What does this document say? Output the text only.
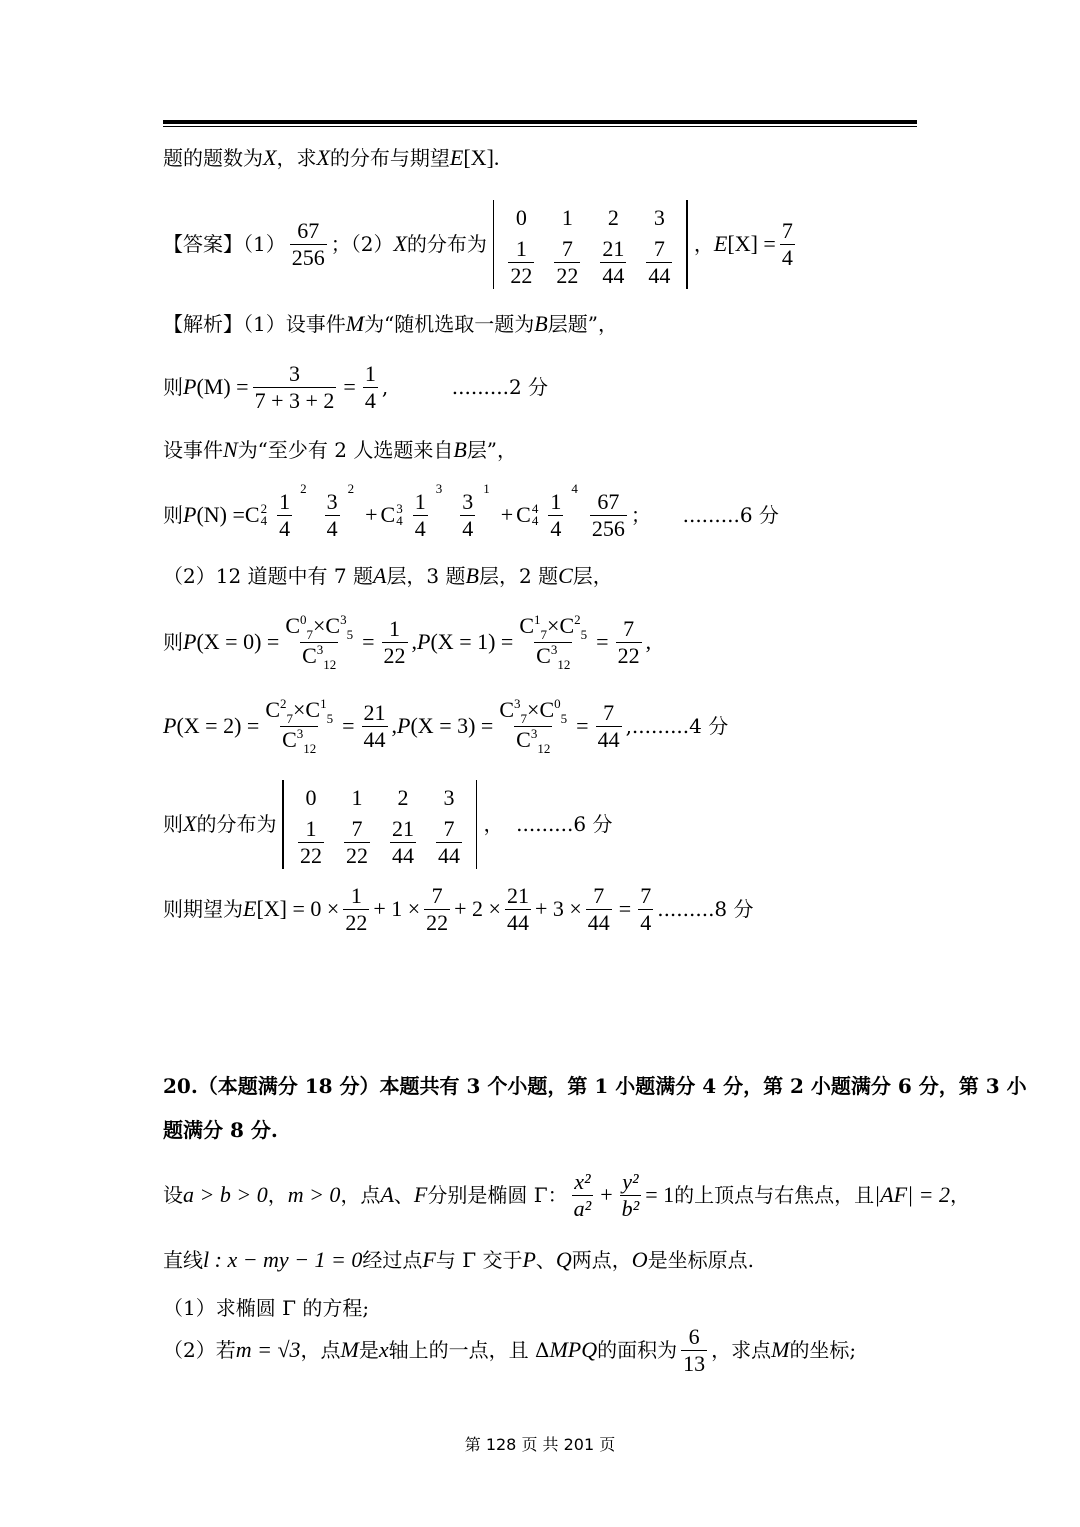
题的题数为 X ，求 X 的分布与期望 E [X].
【答案】$(1) \frac{67}{256}$ ；（2） X 的分布为
0	1	2	3
$\frac{1}{22} \frac{7}{22} \frac{21}{44} \frac{7}{44}$ ， E $[X] = \frac{7}{4}$
【解析】（1）设事件 M 为“随机选取一题为 B 层题”，
则 P $(M) = \frac{3}{7 + 3 + 2} = \frac{1}{4}$ ,          .........2 分
设事件 N 为“至少有 2 人选题来自 B 层”，
则 P (N) = C 2
$4 \frac{1}{4}$
2
$\frac{3}{4}$
2
+ C 3
$4 \frac{1}{4}$
3
$\frac{3}{4}$
1
+ C 4
$4 \frac{1}{4}$
4
$\frac{67}{256}$ ；     .........6 分
（2）12 道题中有 7 题 A 层，3 题 B 层，2 题 C 层，
则 P $(X = 0) = \frac{C^0_7\times C^3_5}{C^3_{12}} = \frac{1}{22}$ , P $(X = 1) = \frac{C^1_7\times C^2_5}{C^3_{12}} = \frac{7}{22}$ ,
P $(X = 2) = \frac{C^2_7\times C^1_5}{C^3_{12}} = \frac{21}{44}$ , P $(X = 3) = \frac{C^3_7\times C^0_5}{C^3_{12}} = \frac{7}{44} ,.........4$ 分
则 X 的分布为
0	1	2	3
$\frac{1}{22} \frac{7}{22} \frac{21}{44} \frac{7}{44}$ ，  .........6 分
则期望为 E $[X] = 0 \times \frac{1}{22} + 1 \times \frac{7}{22} + 2 \times \frac{21}{44} + 3 \times \frac{7}{44} = \frac{7}{4} .........8$ 分
20.（本题满分 18 分）本题共有 3 个小题，第 1 小题满分 4 分，第 2 小题满分 6 分，第 3 小
题满分 8 分.
设 a > b > 0 ， m > 0 ，点 A 、 F 分别是椭圆 Γ： $\frac{\text{x²}}{\text{a²}} + \frac{\text{y²}}{\text{b²}} = 1$ 的上顶点与右焦点，且 |AF| = 2 ，
直线 l : x − my − 1 = 0 经过点 F 与 Γ 交于 P 、 Q 两点， O 是坐标原点.
（1）求椭圆 Γ 的方程;
（2）若 m = √3 ，点 M 是 x 轴上的一点，且 Δ MPQ 的面积为 $\frac{6}{13}$ ，求点 M 的坐标;
第 128 页 共 201 页
